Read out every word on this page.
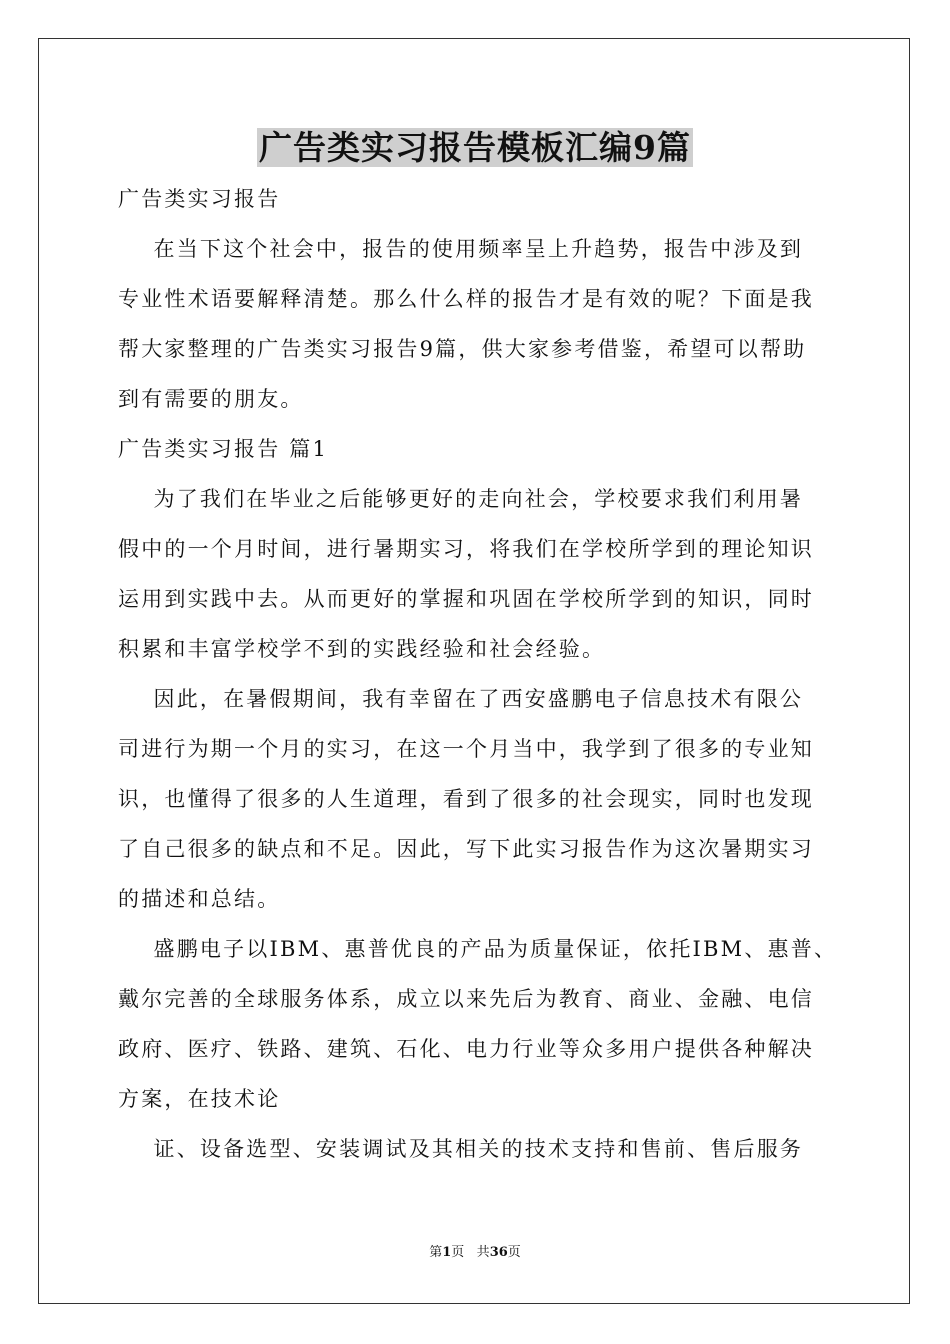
广告类实习报告模板汇编9篇
广告类实习报告
在当下这个社会中，报告的使用频率呈上升趋势，报告中涉及到
专业性术语要解释清楚。那么什么样的报告才是有效的呢？下面是我
帮大家整理的广告类实习报告9篇，供大家参考借鉴，希望可以帮助
到有需要的朋友。
广告类实习报告 篇1
为了我们在毕业之后能够更好的走向社会，学校要求我们利用暑
假中的一个月时间，进行暑期实习，将我们在学校所学到的理论知识
运用到实践中去。从而更好的掌握和巩固在学校所学到的知识，同时
积累和丰富学校学不到的实践经验和社会经验。
因此，在暑假期间，我有幸留在了西安盛鹏电子信息技术有限公
司进行为期一个月的实习，在这一个月当中，我学到了很多的专业知
识，也懂得了很多的人生道理，看到了很多的社会现实，同时也发现
了自己很多的缺点和不足。因此，写下此实习报告作为这次暑期实习
的描述和总结。
盛鹏电子以IBM、惠普优良的产品为质量保证，依托IBM、惠普、
戴尔完善的全球服务体系，成立以来先后为教育、商业、金融、电信
政府、医疗、铁路、建筑、石化、电力行业等众多用户提供各种解决
方案，在技术论
证、设备选型、安装调试及其相关的技术支持和售前、售后服务
第1页 共36页
